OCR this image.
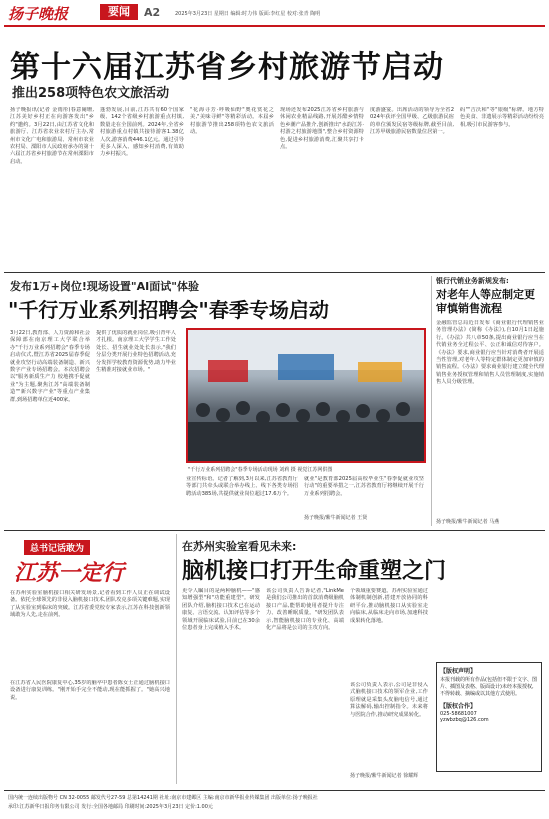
扬子晚报	要闻	A2	2025年3月23日 星期日 编辑:时力伟 版面:李红星 校对:张青 陶明
第十六届江苏省乡村旅游节启动
推出258项特色农文旅活动
扬子晚报讯(记者 金雨彤)春意阑珊,江苏美好乡村正在向游客发出"乡约"邀约。3月22日,由江苏省文化和旅游厅、江苏省农业农村厅主办,常州市文化广电和旅游局、常州市农业农村局、溧阳市人民政府承办的第十六届江苏省乡村旅游节在常州溧阳市启动。
蓬勃发展,目前,江苏共有60个国家级、142个省级乡村旅游重点村镇,数量走在全国前列。2024年,全省乡村旅游重点村镇共接待游客1.38亿人次,游客消费446.1亿元。通过引导更多人深入、感知乡村消费,有效助力乡村振兴。
"花海寻芳·呼吸仙野"奥花赏花之美,"美味寻鲜"等精彩活动。本届乡村旅游节推出258项特色农文旅活动。
现场还发布2025江苏省乡村旅游与休闲农业精品线路,开展苏酷乡情特色乡潮产品推介,创新推出"水韵江苏·村游之村旅游地图",整合乡村资源特色,促进乡村旅游消费,汇聚共享打卡点。
度游盛宴。出席活动的领导为全省2024年获评全国甲级、乙级旅游民宿的单位颁发民宿等级标牌,截至目前,江苏甲级旅游民宿数量位居第一。
码""吉沃和"等"银级"标牌。地方特色美食、非遗展示等精彩活动纷纷亮相,吸引市民游客参与。
发布1万+岗位!现场设置"AI面试"体验
"千行万业系列招聘会"春季专场启动
3月22日,教育部、人力资源和社会保障部在南京理工大学联合举办"千行万业系列招聘会"春季专场启动仪式,暨江苏省2025届春季促就业攻坚行动高端装备制造、新兴数字产业专场招聘会。本次招聘会以"服务新质生产力 校地携手促就业"为主题,聚焦江苏"高端装备制造""新兴数字产业"等重点产业集群,到场招聘单位近400家。
提供了优质的就业岗位,吸引青年人才扎根。南京理工大学学生工作处处长、招生就业处处长表示,"我们分层分类开展行业特色招聘活动,充分发挥学校教育资源优势,助力毕业生精准对接就业市场。"
"千行万业系列招聘会"春季专场活动现场 刘莉 摄 视觉江苏网供图
业宣传标语。记者了解到,3月以来,江苏省教育厅等部门共牵头或联合举办线上、线下各类专场招聘活动385场,共提供就业岗位超过17.6万个。
就业"是教育部2025届高校毕业生"春季促就业攻坚行动"的重要举措之一,江苏省教育厅将继续开展千行万业系列招聘会。
扬子晚报/紫牛新闻记者 王贤
银行代销业务新规发布:
对老年人等应制定更审慎销售流程
金融监管总局近日发布《商业银行代理销售业务管理办法》(简称《办法》),自10月1日起施行。《办法》共八章50条,提出商业银行应当在代销业务全过程公平、公正和诚信对待客户。《办法》要求,商业银行应当针对消费者开展适当性管理,对老年人等特定群体制定更加审慎的销售流程。《办法》要求商业银行建立健全代理销售业务授权管理和销售人员管理制度,实施销售人员分级管理。
扬子晚报/紫牛新闻记者 马燕
总书记话敢为
江苏一定行
在苏州实验室脑机接口相关研发场景,记者看到工作人员正在调试设备。依托全球领先的非侵入脑机接口技术,团队攻克多项关键难题,实现了从实验室到临床的突破。江苏省委党校专家表示,江苏在科技创新领域敢为人先,走在前列。
在江苏省人民医院康复中心,35岁的脑卒中患者陈女士正通过脑机接口设备进行康复训练。"刚开始手完全不能动,现在能抓握了。"她高兴地说。
在苏州实验室看见未来:
脑机接口打开生命重塑之门
更令人瞩目的是两种脑机——"感知增强型"和"功能重建型"。研发团队介绍,脑机接口技术已在运动康复、言语交流、认知评估等多个领域开展临床试验,目前已在30余位患者身上完成植入手术。
该公司负责人告诉记者,"LinkMe是我们公司推出的首款消费级脑机接口产品,能帮助使用者提升专注力、改善睡眠质量。"研发团队表示,智能脑机接口的专业化、高端化产品将是公司的主攻方向。
个领域重要赛道。苏州实验室通过体制机制创新,搭建开放协同的科研平台,推动脑机接口从实验室走向临床,从临床走向市场,加速科技成果转化落地。
该公司负责人表示,公司是非侵入式脑机接口技术的领军企业,工作原理就是采集头皮脑电信号,通过算法解码,输出控制指令。未来将与医院合作,推动研究成果转化。
扬子晚报/紫牛新闻记者 徐耀辉
【版权声明】
本报刊载的所有作品(包括但不限于文字、图片、插图及表格、版面设计)未经本报授权,不得转载、摘编或以其他方式使用。
【版权合作】
025-58681007
yzwbzbq@126.com
国内统一连续出版物号 CN 32-0055 邮发代号27-59 总第14241期 社址:南京市建邺区 主编:南京市新华报业传媒集团 出版单位:扬子晚报社
承印:江苏新华日报印务有限公司 发行:全国各地邮局 印刷时间:2025年3月23日 定价:1.00元
